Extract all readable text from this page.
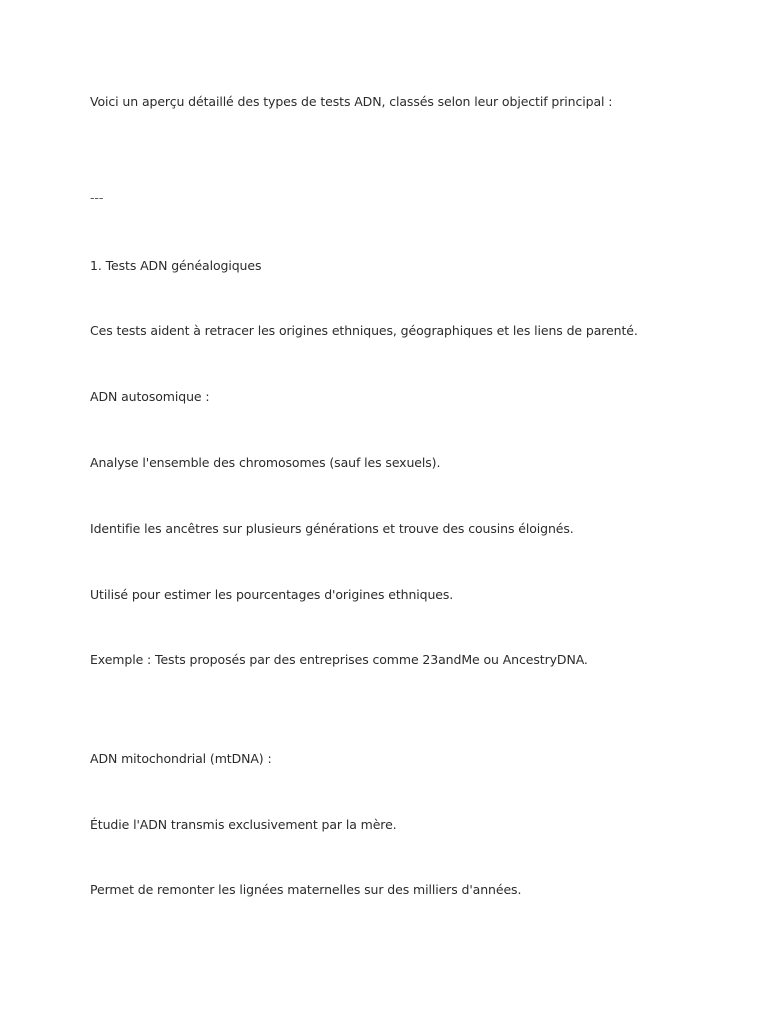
Voici un aperçu détaillé des types de tests ADN, classés selon leur objectif principal :

---

1. Tests ADN généalogiques

Ces tests aident à retracer les origines ethniques, géographiques et les liens de parenté.

ADN autosomique :

Analyse l'ensemble des chromosomes (sauf les sexuels).

Identifie les ancêtres sur plusieurs générations et trouve des cousins éloignés.

Utilisé pour estimer les pourcentages d'origines ethniques.

Exemple : Tests proposés par des entreprises comme 23andMe ou AncestryDNA.

ADN mitochondrial (mtDNA) :

Étudie l'ADN transmis exclusivement par la mère.

Permet de remonter les lignées maternelles sur des milliers d'années.
